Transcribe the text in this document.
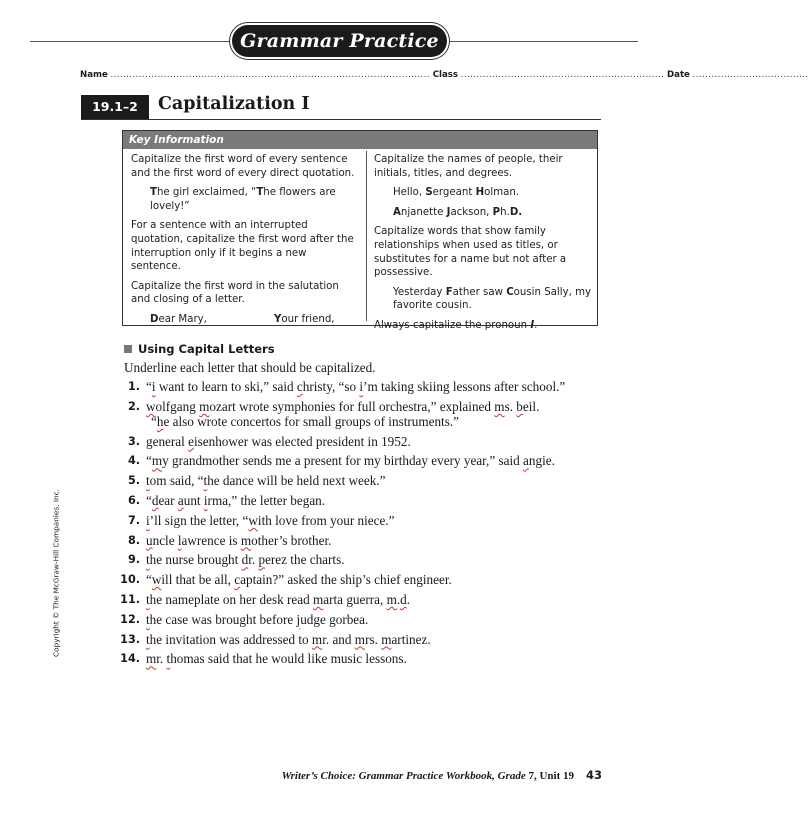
Grammar Practice
Name ...................................................................................................... Class ................................................................. Date .....................................
19.1–2	Capitalization I
Key Information
Capitalize the first word of every sentence and the first word of every direct quotation.
The girl exclaimed, “The flowers are lovely!”
For a sentence with an interrupted quotation, capitalize the first word after the interruption only if it begins a new sentence.
Capitalize the first word in the salutation and closing of a letter.
Dear Mary,	Your friend,
Capitalize the names of people, their initials, titles, and degrees.
Hello, Sergeant Holman.
Anjanette Jackson, Ph.D.
Capitalize words that show family relationships when used as titles, or substitutes for a name but not after a possessive.
Yesterday Father saw Cousin Sally, my favorite cousin.
Always capitalize the pronoun I.
Using Capital Letters
Underline each letter that should be capitalized.
1. “i want to learn to ski,” said christy, “so i’m taking skiing lessons after school.”
2. wolfgang mozart wrote symphonies for full orchestra,” explained ms. beil.
“he also wrote concertos for small groups of instruments.”
3. general eisenhower was elected president in 1952.
4. “my grandmother sends me a present for my birthday every year,” said angie.
5. tom said, “the dance will be held next week.”
6. “dear aunt irma,” the letter began.
7. i’ll sign the letter, “with love from your niece.”
8. uncle lawrence is mother’s brother.
9. the nurse brought dr. perez the charts.
10. “will that be all, captain?” asked the ship’s chief engineer.
11. the nameplate on her desk read marta guerra, m.d.
12. the case was brought before judge gorbea.
13. the invitation was addressed to mr. and mrs. martinez.
14. mr. thomas said that he would like music lessons.
Copyright © The McGraw-Hill Companies, Inc.
Writer’s Choice: Grammar Practice Workbook, Grade 7, Unit 19 43
